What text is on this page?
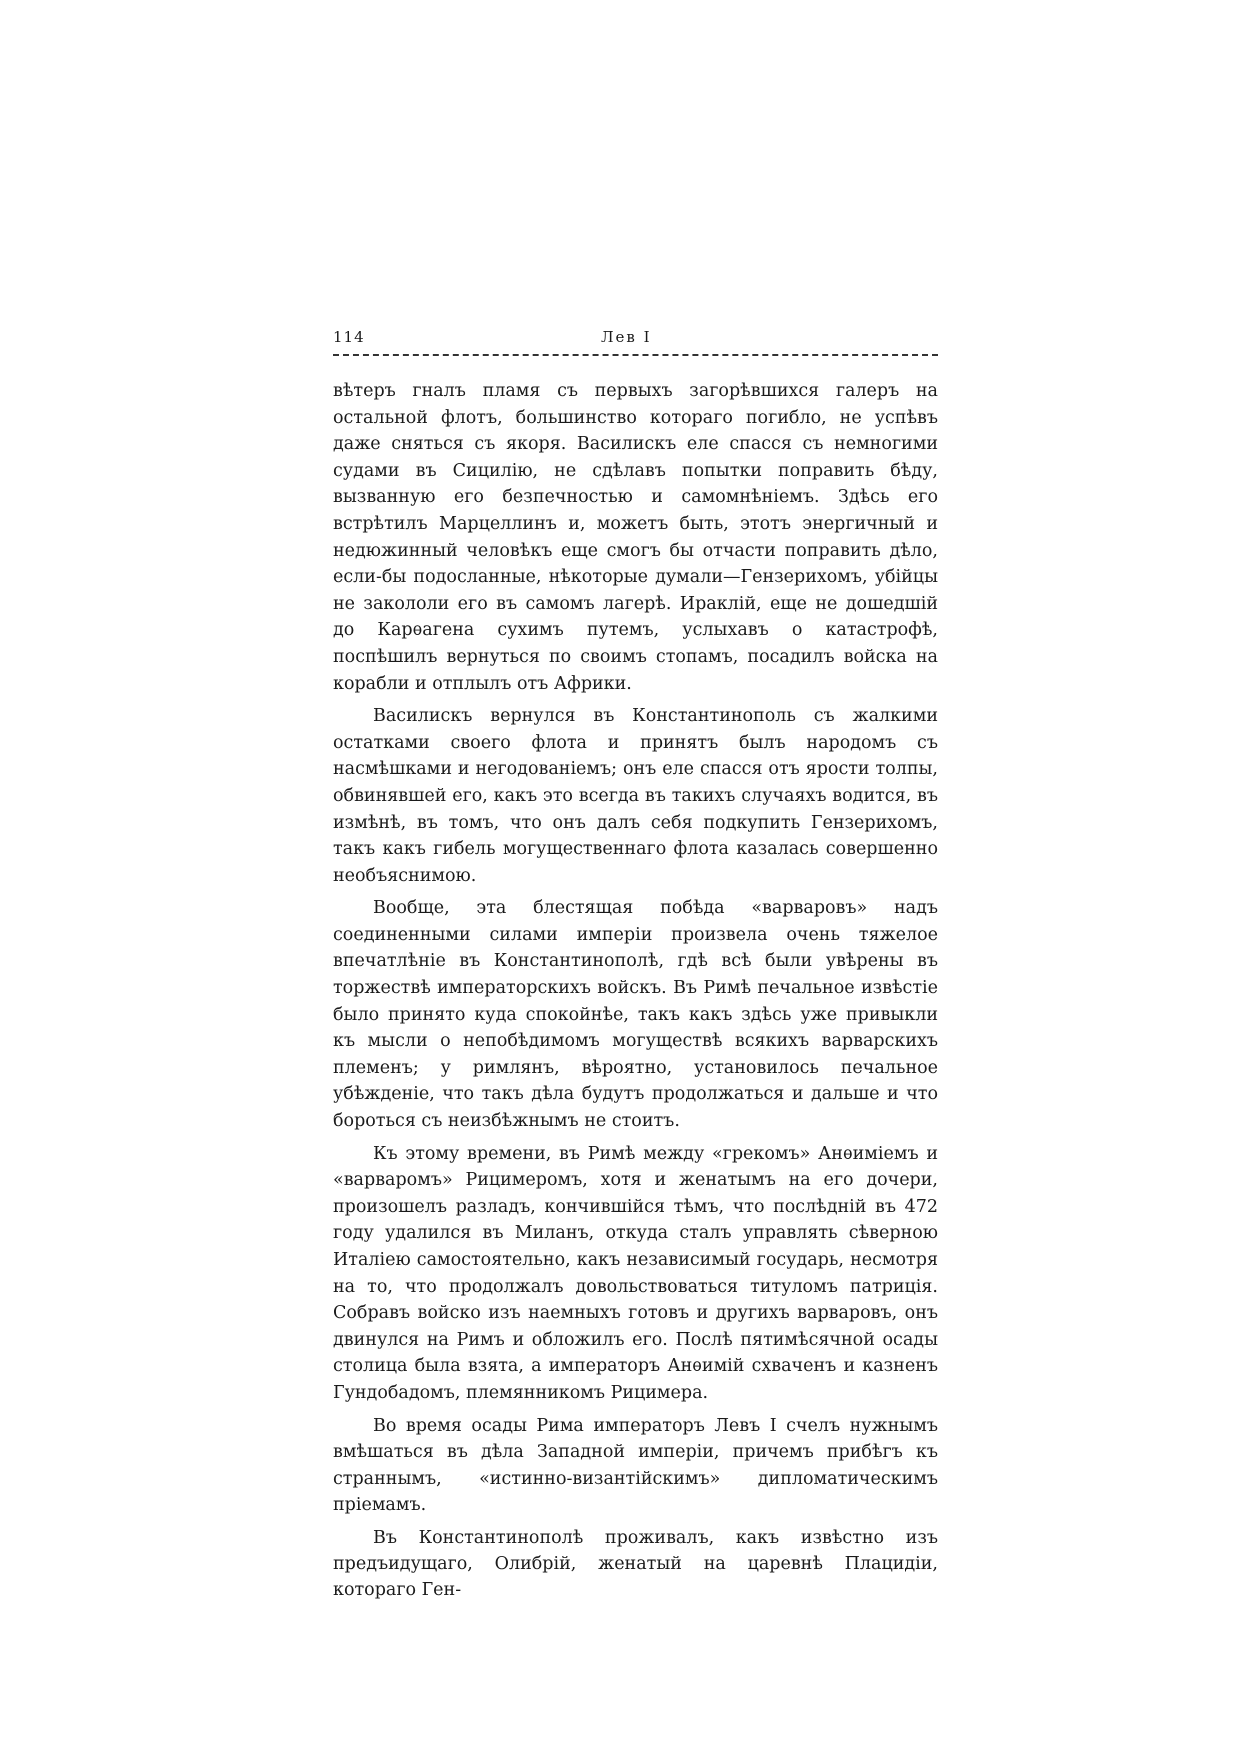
114	Лев I

вѣтеръ гналъ пламя съ первыхъ загорѣвшихся галеръ на остальной флотъ, большинство котораго погибло, не успѣвъ даже сняться съ якоря. Василискъ еле спасся съ немногими судами въ Сицилію, не сдѣлавъ попытки поправить бѣду, вызванную его безпечностью и самомнѣніемъ. Здѣсь его встрѣтилъ Марцеллинъ и, можетъ быть, этотъ энергичный и недюжинный человѣкъ еще смогъ бы отчасти поправить дѣло, если-бы подосланные, нѣкоторые думали—Гензерихомъ, убійцы не закололи его въ самомъ лагерѣ. Ираклій, еще не дошедшій до Карѳагена сухимъ путемъ, услыхавъ о катастрофѣ, поспѣшилъ вернуться по своимъ стопамъ, посадилъ войска на корабли и отплылъ отъ Африки.

Василискъ вернулся въ Константинополь съ жалкими остатками своего флота и принятъ былъ народомъ съ насмѣшками и негодованіемъ; онъ еле спасся отъ ярости толпы, обвинявшей его, какъ это всегда въ такихъ случаяхъ водится, въ измѣнѣ, въ томъ, что онъ далъ себя подкупить Гензерихомъ, такъ какъ гибель могущественнаго флота казалась совершенно необъяснимою.

Вообще, эта блестящая побѣда «варваровъ» надъ соединенными силами имперіи произвела очень тяжелое впечатлѣніе въ Константинополѣ, гдѣ всѣ были увѣрены въ торжествѣ императорскихъ войскъ. Въ Римѣ печальное извѣстіе было принято куда спокойнѣе, такъ какъ здѣсь уже привыкли къ мысли о непобѣдимомъ могуществѣ всякихъ варварскихъ племенъ; у римлянъ, вѣроятно, установилось печальное убѣжденіе, что такъ дѣла будутъ продолжаться и дальше и что бороться съ неизбѣжнымъ не стоитъ.

Къ этому времени, въ Римѣ между «грекомъ» Анѳиміемъ и «варваромъ» Рицимеромъ, хотя и женатымъ на его дочери, произошелъ разладъ, кончившійся тѣмъ, что послѣдній въ 472 году удалился въ Миланъ, откуда сталъ управлять сѣверною Италіею самостоятельно, какъ независимый государь, несмотря на то, что продолжалъ довольствоваться титуломъ патриція. Собравъ войско изъ наемныхъ готовъ и другихъ варваровъ, онъ двинулся на Римъ и обложилъ его. Послѣ пятимѣсячной осады столица была взята, а императоръ Анѳимій схваченъ и казненъ Гундобадомъ, племянникомъ Рицимера.

Во время осады Рима императоръ Левъ I счелъ нужнымъ вмѣшаться въ дѣла Западной имперіи, причемъ прибѣгъ къ страннымъ, «истинно-византійскимъ» дипломатическимъ пріемамъ.

Въ Константинополѣ проживалъ, какъ извѣстно изъ предъидущаго, Олибрій, женатый на царевнѣ Плацидіи, котораго Ген-
